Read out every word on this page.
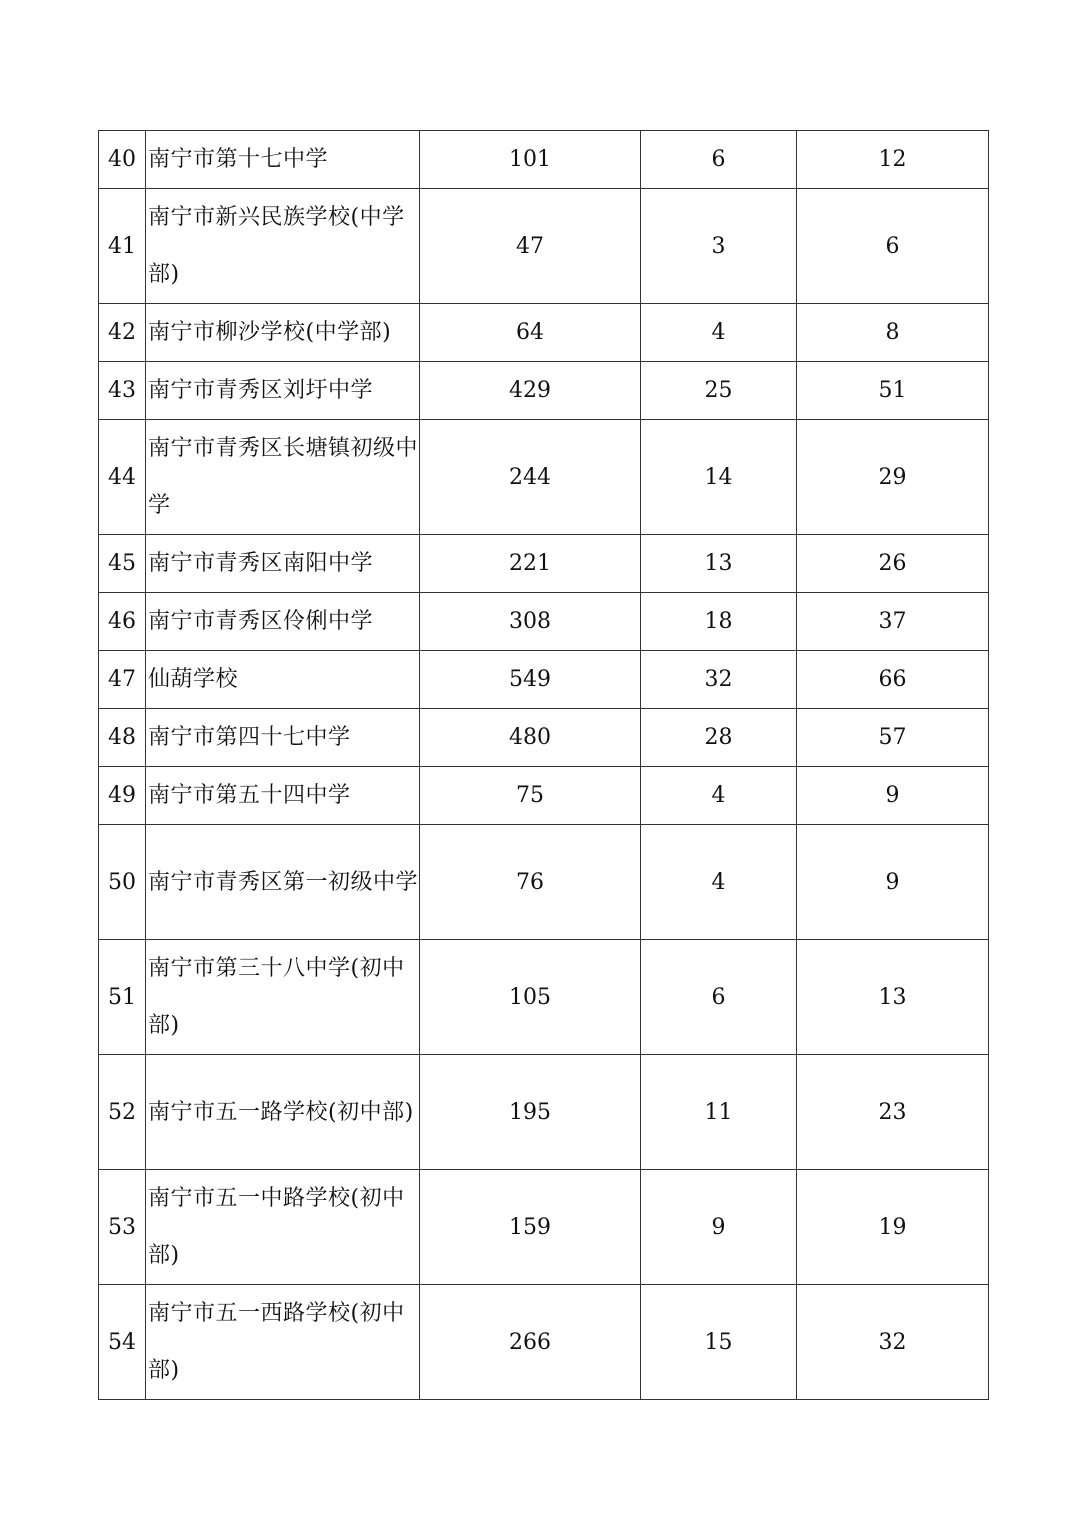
40	南宁市第十七中学	101	6	12
41	南宁市新兴民族学校(中学部)	47	3	6
42	南宁市柳沙学校(中学部)	64	4	8
43	南宁市青秀区刘圩中学	429	25	51
44	南宁市青秀区长塘镇初级中学	244	14	29
45	南宁市青秀区南阳中学	221	13	26
46	南宁市青秀区伶俐中学	308	18	37
47	仙葫学校	549	32	66
48	南宁市第四十七中学	480	28	57
49	南宁市第五十四中学	75	4	9
50	南宁市青秀区第一初级中学	76	4	9
51	南宁市第三十八中学(初中部)	105	6	13
52	南宁市五一路学校(初中部)	195	11	23
53	南宁市五一中路学校(初中部)	159	9	19
54	南宁市五一西路学校(初中部)	266	15	32
